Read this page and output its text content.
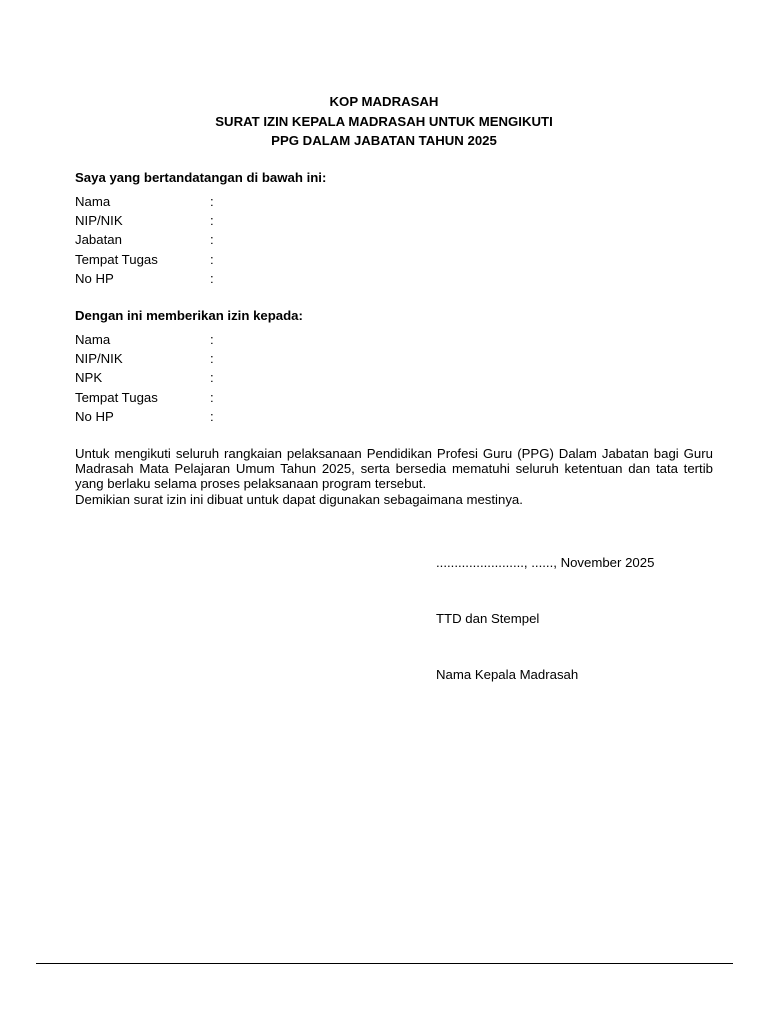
KOP MADRASAH
SURAT IZIN KEPALA MADRASAH UNTUK MENGIKUTI
PPG DALAM JABATAN TAHUN 2025
Saya yang bertandatangan di bawah ini:
Nama	:
NIP/NIK	:
Jabatan	:
Tempat Tugas	:
No HP	:
Dengan ini memberikan izin kepada:
Nama	:
NIP/NIK	:
NPK	:
Tempat Tugas	:
No HP	:
Untuk mengikuti seluruh rangkaian pelaksanaan Pendidikan Profesi Guru (PPG) Dalam Jabatan bagi Guru Madrasah Mata Pelajaran Umum Tahun 2025, serta bersedia mematuhi seluruh ketentuan dan tata tertib yang berlaku selama proses pelaksanaan program tersebut.
Demikian surat izin ini dibuat untuk dapat digunakan sebagaimana mestinya.
........................, ......, November 2025
TTD dan Stempel
Nama Kepala Madrasah
